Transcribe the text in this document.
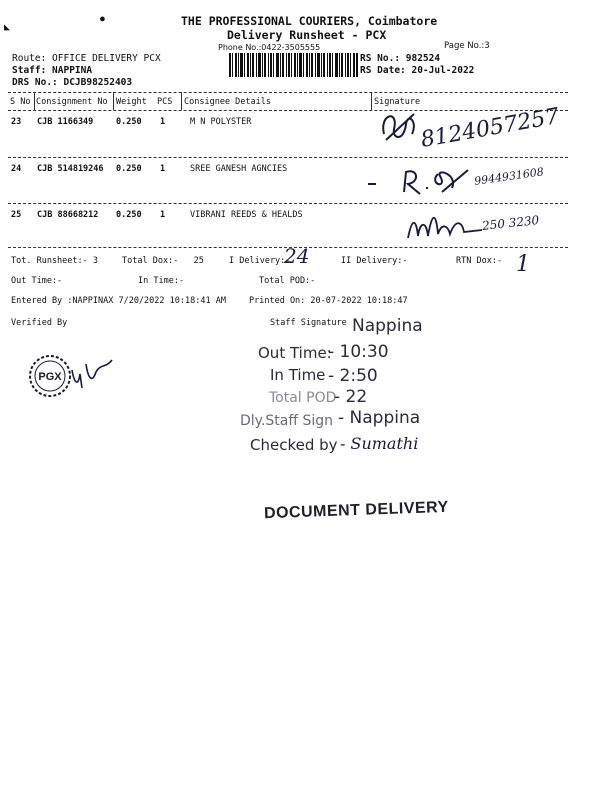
◣
●	THE PROFESSIONAL COURIERS, Coimbatore
Delivery Runsheet - PCX
Phone No.:0422-3505555	Page No.:3
Route: OFFICE DELIVERY PCX
Staff: NAPPINA
DRS No.: DCJB98252403
RS No.: 982524
RS Date: 20-Jul-2022
S No Consignment No Weight PCS Consignee Details	Signature
23 CJB 1166349	0.250 1	M N POLYSTER	8124057257
24 CJB 514819246 0.250 1	SREE GANESH AGNCIES	9944931608
25 CJB 88668212 0.250 1	VIBRANI REEDS & HEALDS	250 3230
Tot. Runsheet:- 3	Total Dox:-   25	I Delivery:-
24	II Delivery:-	RTN Dox:- 1
Out Time:-	In Time:-	Total POD:-
Entered By :NAPPINAX 7/20/2022 10:18:41 AM	Printed On: 20-07-2022 10:18:47
Verified By	Staff Signature Nappina
Out Time:
- 10:30
In Time - 2:50
Total POD
- 22
Dly.Staff Sign - Nappina
Checked by - Sumathi
PGX
DOCUMENT DELIVERY
